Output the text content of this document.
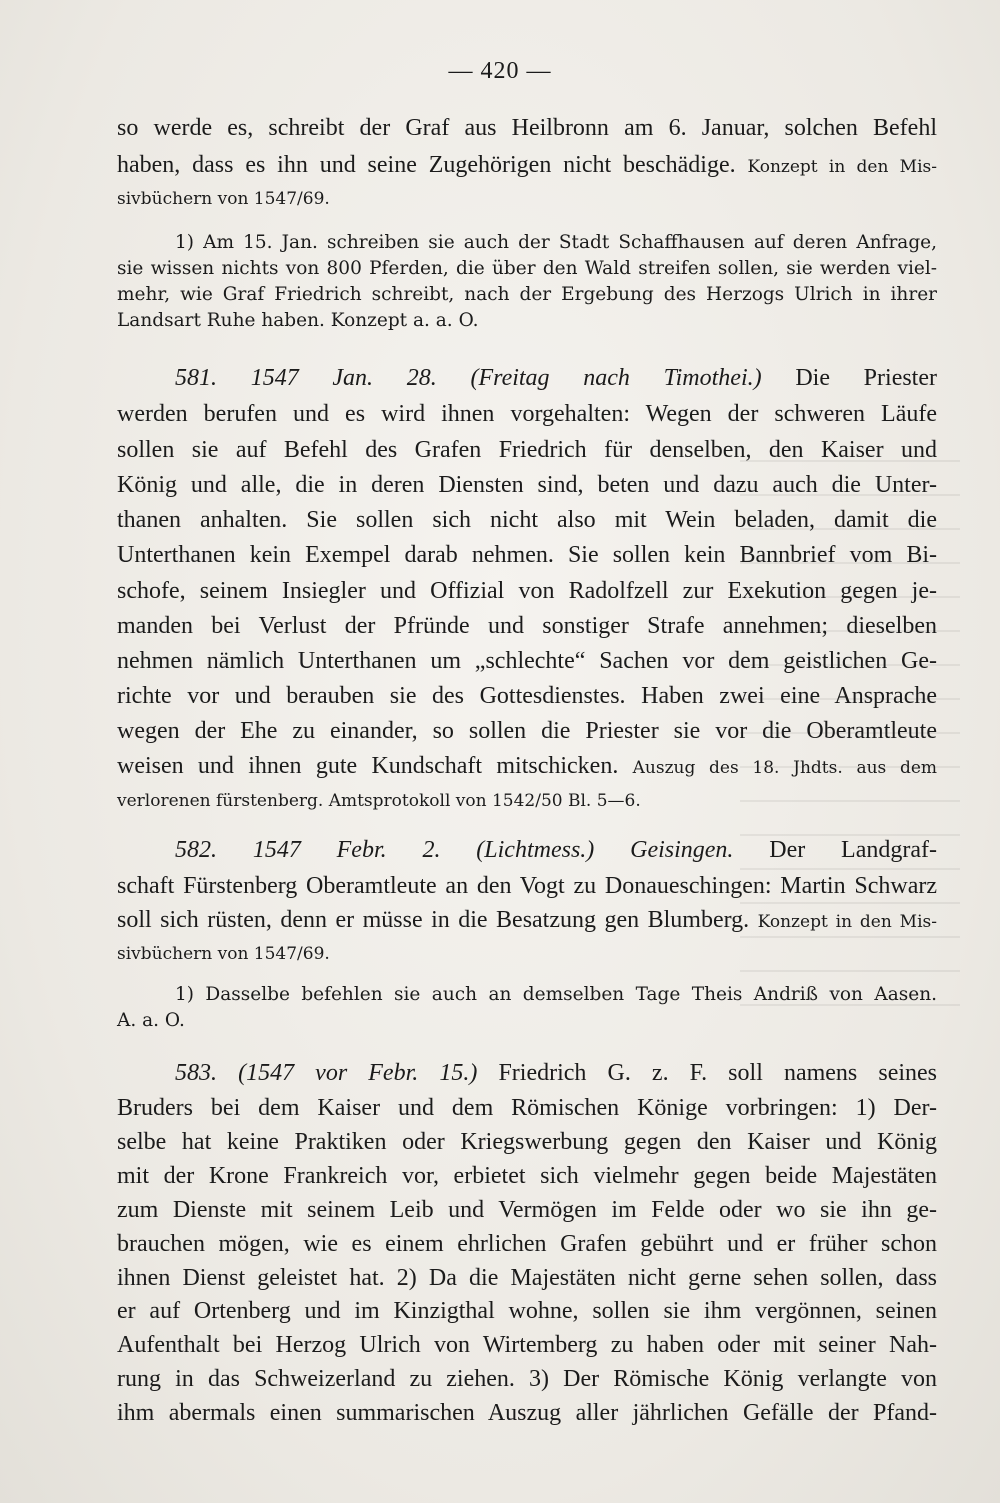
— 420 —
so werde es, schreibt der Graf aus Heilbronn am 6. Januar, solchen Befehl
haben, dass es ihn und seine Zugehörigen nicht beschädige. Konzept in den Mis-
sivbüchern von 1547/69.
1) Am 15. Jan. schreiben sie auch der Stadt Schaffhausen auf deren Anfrage,
sie wissen nichts von 800 Pferden, die über den Wald streifen sollen, sie werden viel-
mehr, wie Graf Friedrich schreibt, nach der Ergebung des Herzogs Ulrich in ihrer
Landsart Ruhe haben. Konzept a. a. O.
581. 1547 Jan. 28. (Freitag nach Timothei.) Die Priester
werden berufen und es wird ihnen vorgehalten: Wegen der schweren Läufe
sollen sie auf Befehl des Grafen Friedrich für denselben, den Kaiser und
König und alle, die in deren Diensten sind, beten und dazu auch die Unter-
thanen anhalten. Sie sollen sich nicht also mit Wein beladen, damit die
Unterthanen kein Exempel darab nehmen. Sie sollen kein Bannbrief vom Bi-
schofe, seinem Insiegler und Offizial von Radolfzell zur Exekution gegen je-
manden bei Verlust der Pfründe und sonstiger Strafe annehmen; dieselben
nehmen nämlich Unterthanen um „schlechte“ Sachen vor dem geistlichen Ge-
richte vor und berauben sie des Gottesdienstes. Haben zwei eine Ansprache
wegen der Ehe zu einander, so sollen die Priester sie vor die Oberamtleute
weisen und ihnen gute Kundschaft mitschicken. Auszug des 18. Jhdts. aus dem
verlorenen fürstenberg. Amtsprotokoll von 1542/50 Bl. 5—6.
582. 1547 Febr. 2. (Lichtmess.) Geisingen. Der Landgraf-
schaft Fürstenberg Oberamtleute an den Vogt zu Donaueschingen: Martin Schwarz
soll sich rüsten, denn er müsse in die Besatzung gen Blumberg. Konzept in den Mis-
sivbüchern von 1547/69.
1) Dasselbe befehlen sie auch an demselben Tage Theis Andriß von Aasen.
A. a. O.
583. (1547 vor Febr. 15.) Friedrich G. z. F. soll namens seines
Bruders bei dem Kaiser und dem Römischen Könige vorbringen: 1) Der-
selbe hat keine Praktiken oder Kriegswerbung gegen den Kaiser und König
mit der Krone Frankreich vor, erbietet sich vielmehr gegen beide Majestäten
zum Dienste mit seinem Leib und Vermögen im Felde oder wo sie ihn ge-
brauchen mögen, wie es einem ehrlichen Grafen gebührt und er früher schon
ihnen Dienst geleistet hat. 2) Da die Majestäten nicht gerne sehen sollen, dass
er auf Ortenberg und im Kinzigthal wohne, sollen sie ihm vergönnen, seinen
Aufenthalt bei Herzog Ulrich von Wirtemberg zu haben oder mit seiner Nah-
rung in das Schweizerland zu ziehen. 3) Der Römische König verlangte von
ihm abermals einen summarischen Auszug aller jährlichen Gefälle der Pfand-
